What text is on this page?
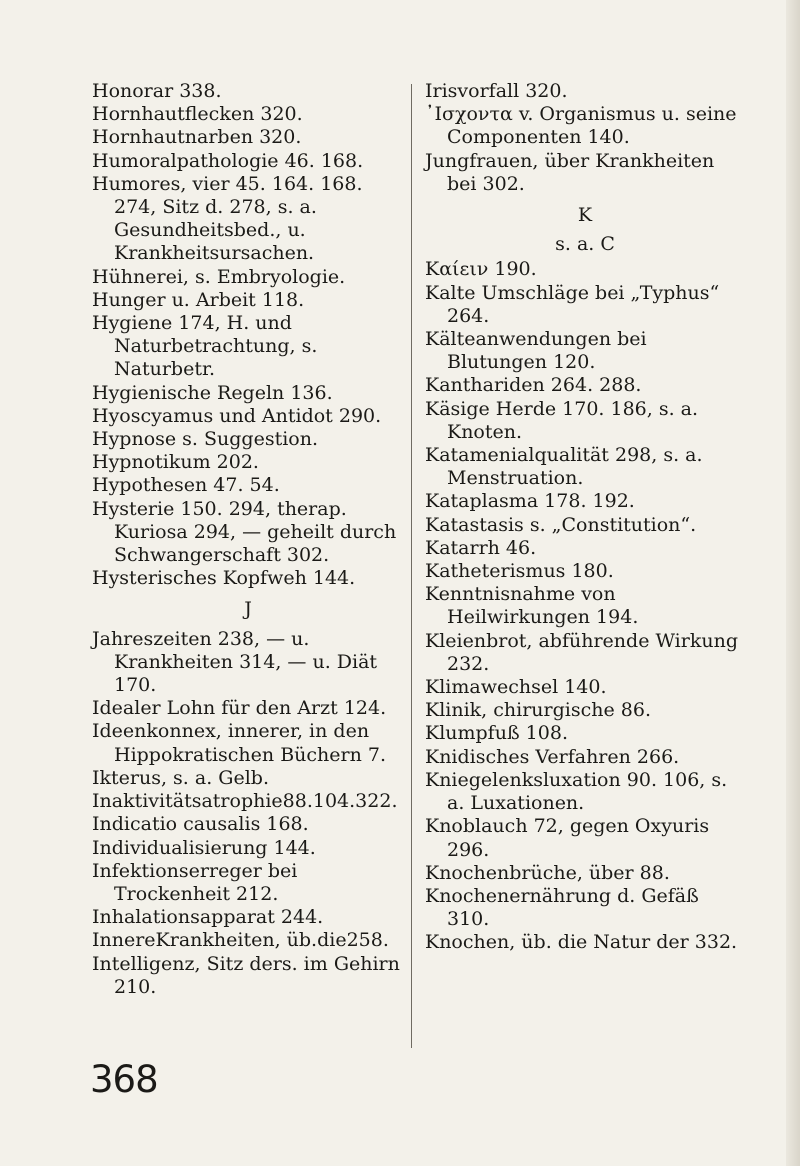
Honorar 338.

Hornhautflecken 320.

Hornhautnarben 320.

Humoralpathologie 46. 168.

Humores, vier 45. 164. 168. 274, Sitz d. 278, s. a. Gesundheitsbed., u. Krankheitsursachen.

Hühnerei, s. Embryologie.

Hunger u. Arbeit 118.

Hygiene 174, H. und Naturbetrachtung, s. Naturbetr.

Hygienische Regeln 136.

Hyoscyamus und Antidot 290.

Hypnose s. Suggestion.

Hypnotikum 202.

Hypothesen 47. 54.

Hysterie 150. 294, therap. Kuriosa 294, — geheilt durch Schwangerschaft 302.

Hysterisches Kopfweh 144.

J

Jahreszeiten 238, — u. Krankheiten 314, — u. Diät 170.

Idealer Lohn für den Arzt 124.

Ideenkonnex, innerer, in den Hippokratischen Büchern 7.

Ikterus, s. a. Gelb.

Inaktivitätsatrophie88.104.322.

Indicatio causalis 168.

Individualisierung 144.

Infektionserreger bei Trockenheit 212.

Inhalationsapparat 244.

InnereKrankheiten, üb.die258.

Intelligenz, Sitz ders. im Gehirn 210.

Irisvorfall 320.

᾿Ισχοντα v. Organismus u. seine Componenten 140.

Jungfrauen, über Krankheiten bei 302.

K
s. a. C

Καίειν 190.

Kalte Umschläge bei „Typhus“ 264.

Kälteanwendungen bei Blutungen 120.

Kanthariden 264. 288.

Käsige Herde 170. 186, s. a. Knoten.

Katamenialqualität 298, s. a. Menstruation.

Kataplasma 178. 192.

Katastasis s. „Constitution“.

Katarrh 46.

Katheterismus 180.

Kenntnisnahme von Heilwirkungen 194.

Kleienbrot, abführende Wirkung 232.

Klimawechsel 140.

Klinik, chirurgische 86.

Klumpfuß 108.

Knidisches Verfahren 266.

Kniegelenksluxation 90. 106, s. a. Luxationen.

Knoblauch 72, gegen Oxyuris 296.

Knochenbrüche, über 88.

Knochenernährung d. Gefäß 310.

Knochen, üb. die Natur der 332.

368
